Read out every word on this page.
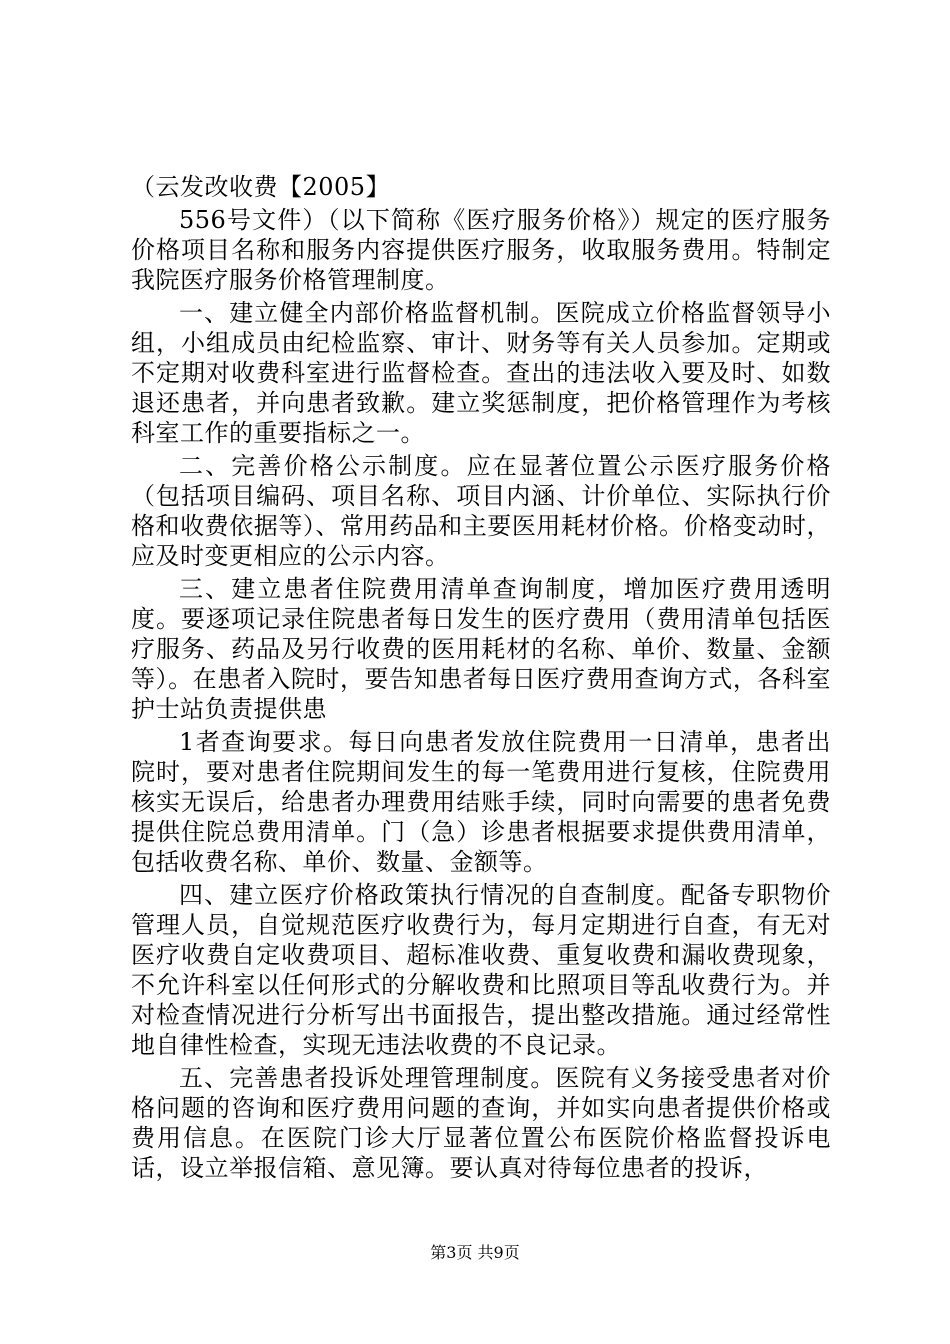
（云发改收费【2005】

556号文件）（以下简称《医疗服务价格》）规定的医疗服务价格项目名称和服务内容提供医疗服务，收取服务费用。特制定我院医疗服务价格管理制度。

一、建立健全内部价格监督机制。医院成立价格监督领导小组，小组成员由纪检监察、审计、财务等有关人员参加。定期或不定期对收费科室进行监督检查。查出的违法收入要及时、如数退还患者，并向患者致歉。建立奖惩制度，把价格管理作为考核科室工作的重要指标之一。

二、完善价格公示制度。应在显著位置公示医疗服务价格（包括项目编码、项目名称、项目内涵、计价单位、实际执行价格和收费依据等）、常用药品和主要医用耗材价格。价格变动时，应及时变更相应的公示内容。

三、建立患者住院费用清单查询制度，增加医疗费用透明度。要逐项记录住院患者每日发生的医疗费用（费用清单包括医疗服务、药品及另行收费的医用耗材的名称、单价、数量、金额等）。在患者入院时，要告知患者每日医疗费用查询方式，各科室护士站负责提供患

1者查询要求。每日向患者发放住院费用一日清单，患者出院时，要对患者住院期间发生的每一笔费用进行复核，住院费用核实无误后，给患者办理费用结账手续，同时向需要的患者免费提供住院总费用清单。门（急）诊患者根据要求提供费用清单，包括收费名称、单价、数量、金额等。

四、建立医疗价格政策执行情况的自查制度。配备专职物价管理人员，自觉规范医疗收费行为，每月定期进行自查，有无对医疗收费自定收费项目、超标准收费、重复收费和漏收费现象，不允许科室以任何形式的分解收费和比照项目等乱收费行为。并对检查情况进行分析写出书面报告，提出整改措施。通过经常性地自律性检查，实现无违法收费的不良记录。

五、完善患者投诉处理管理制度。医院有义务接受患者对价格问题的咨询和医疗费用问题的查询，并如实向患者提供价格或费用信息。在医院门诊大厅显著位置公布医院价格监督投诉电话，设立举报信箱、意见簿。要认真对待每位患者的投诉，

第3页 共9页
